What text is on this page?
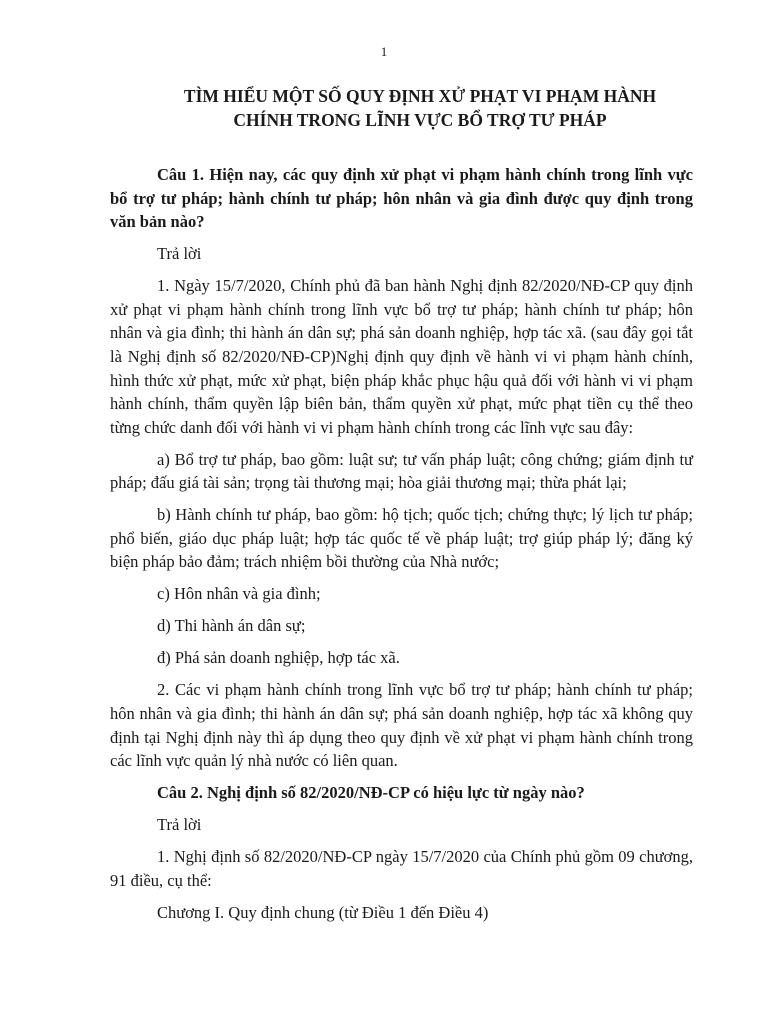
1
TÌM HIỂU MỘT SỐ QUY ĐỊNH XỬ PHẠT VI PHẠM HÀNH
CHÍNH TRONG LĨNH VỰC BỔ TRỢ TƯ PHÁP

Câu 1. Hiện nay, các quy định xử phạt vi phạm hành chính trong lĩnh vực bổ trợ tư pháp; hành chính tư pháp; hôn nhân và gia đình được quy định trong văn bản nào?

Trả lời

1. Ngày 15/7/2020, Chính phủ đã ban hành Nghị định 82/2020/NĐ-CP quy định xử phạt vi phạm hành chính trong lĩnh vực bổ trợ tư pháp; hành chính tư pháp; hôn nhân và gia đình; thi hành án dân sự; phá sản doanh nghiệp, hợp tác xã. (sau đây gọi tắt là Nghị định số 82/2020/NĐ-CP)Nghị định quy định về hành vi vi phạm hành chính, hình thức xử phạt, mức xử phạt, biện pháp khắc phục hậu quả đối với hành vi vi phạm hành chính, thẩm quyền lập biên bản, thẩm quyền xử phạt, mức phạt tiền cụ thể theo từng chức danh đối với hành vi vi phạm hành chính trong các lĩnh vực sau đây:

a) Bổ trợ tư pháp, bao gồm: luật sư; tư vấn pháp luật; công chứng; giám định tư pháp; đấu giá tài sản; trọng tài thương mại; hòa giải thương mại; thừa phát lại;

b) Hành chính tư pháp, bao gồm: hộ tịch; quốc tịch; chứng thực; lý lịch tư pháp; phổ biến, giáo dục pháp luật; hợp tác quốc tế về pháp luật; trợ giúp pháp lý; đăng ký biện pháp bảo đảm; trách nhiệm bồi thường của Nhà nước;

c) Hôn nhân và gia đình;

d) Thi hành án dân sự;

đ) Phá sản doanh nghiệp, hợp tác xã.

2. Các vi phạm hành chính trong lĩnh vực bổ trợ tư pháp; hành chính tư pháp; hôn nhân và gia đình; thi hành án dân sự; phá sản doanh nghiệp, hợp tác xã không quy định tại Nghị định này thì áp dụng theo quy định về xử phạt vi phạm hành chính trong các lĩnh vực quản lý nhà nước có liên quan.

Câu 2. Nghị định số 82/2020/NĐ-CP có hiệu lực từ ngày nào?

Trả lời

1. Nghị định số 82/2020/NĐ-CP ngày 15/7/2020 của Chính phủ gồm 09 chương, 91 điều, cụ thể:

Chương I. Quy định chung (từ Điều 1 đến Điều 4)
